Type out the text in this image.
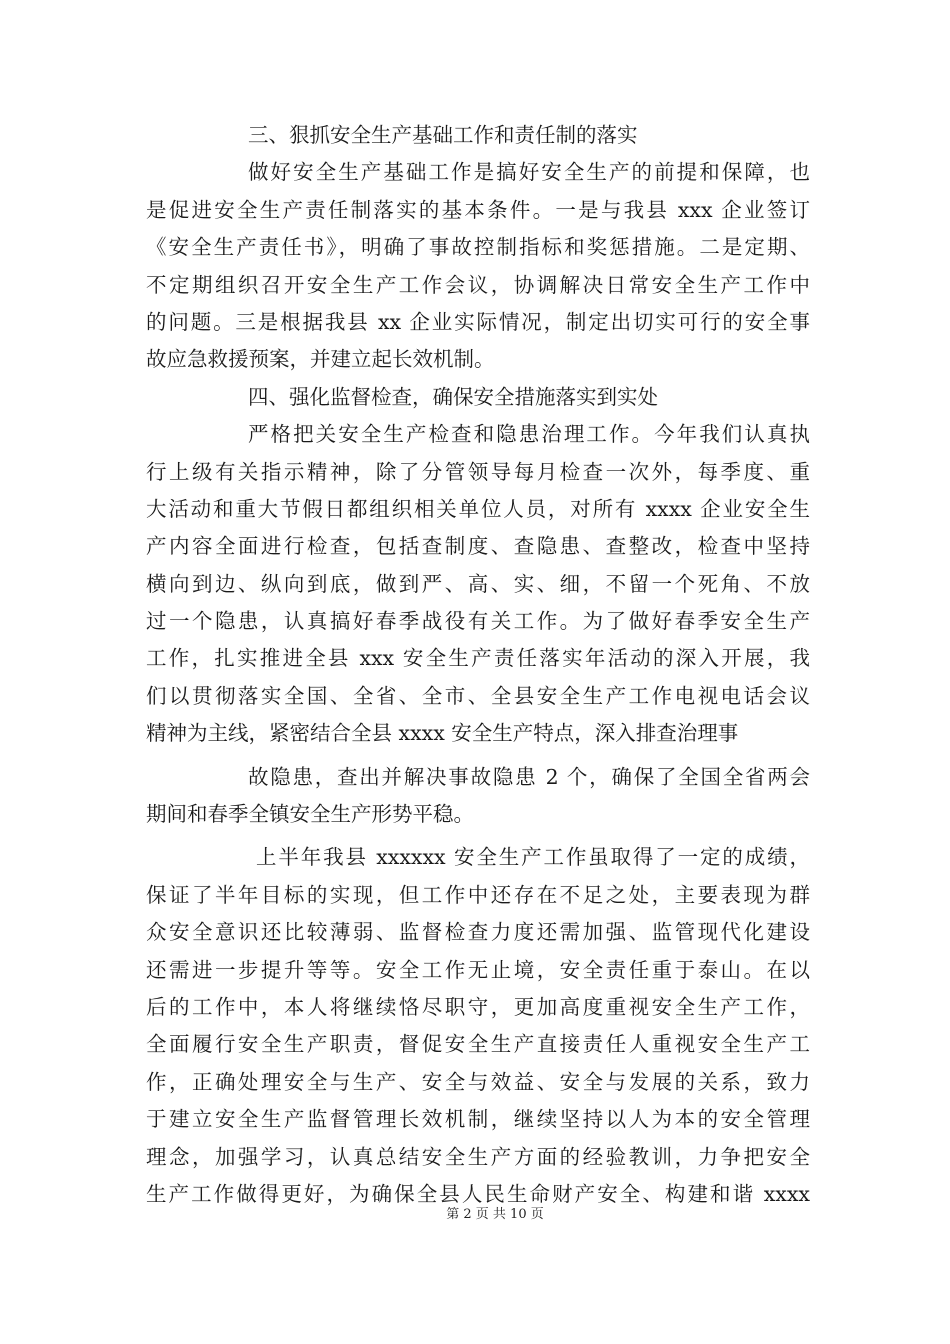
三、狠抓安全生产基础工作和责任制的落实
做好安全生产基础工作是搞好安全生产的前提和保障，也
是促进安全生产责任制落实的基本条件。一是与我县 xxx 企业签订
《安全生产责任书》，明确了事故控制指标和奖惩措施。二是定期、
不定期组织召开安全生产工作会议，协调解决日常安全生产工作中
的问题。三是根据我县 xx 企业实际情况，制定出切实可行的安全事
故应急救援预案，并建立起长效机制。
四、强化监督检查，确保安全措施落实到实处
严格把关安全生产检查和隐患治理工作。今年我们认真执
行上级有关指示精神，除了分管领导每月检查一次外，每季度、重
大活动和重大节假日都组织相关单位人员，对所有 xxxx 企业安全生
产内容全面进行检查，包括查制度、查隐患、查整改，检查中坚持
横向到边、纵向到底，做到严、高、实、细，不留一个死角、不放
过一个隐患，认真搞好春季战役有关工作。为了做好春季安全生产
工作，扎实推进全县 xxx 安全生产责任落实年活动的深入开展，我
们以贯彻落实全国、全省、全市、全县安全生产工作电视电话会议
精神为主线，紧密结合全县 xxxx 安全生产特点，深入排查治理事
故隐患，查出并解决事故隐患 2 个，确保了全国全省两会
期间和春季全镇安全生产形势平稳。
上半年我县 xxxxxx 安全生产工作虽取得了一定的成绩，
保证了半年目标的实现，但工作中还存在不足之处，主要表现为群
众安全意识还比较薄弱、监督检查力度还需加强、监管现代化建设
还需进一步提升等等。安全工作无止境，安全责任重于泰山。在以
后的工作中，本人将继续恪尽职守，更加高度重视安全生产工作，
全面履行安全生产职责，督促安全生产直接责任人重视安全生产工
作，正确处理安全与生产、安全与效益、安全与发展的关系，致力
于建立安全生产监督管理长效机制，继续坚持以人为本的安全管理
理念，加强学习，认真总结安全生产方面的经验教训，力争把安全
生产工作做得更好，为确保全县人民生命财产安全、构建和谐 xxxx
第 2 页 共 10 页
